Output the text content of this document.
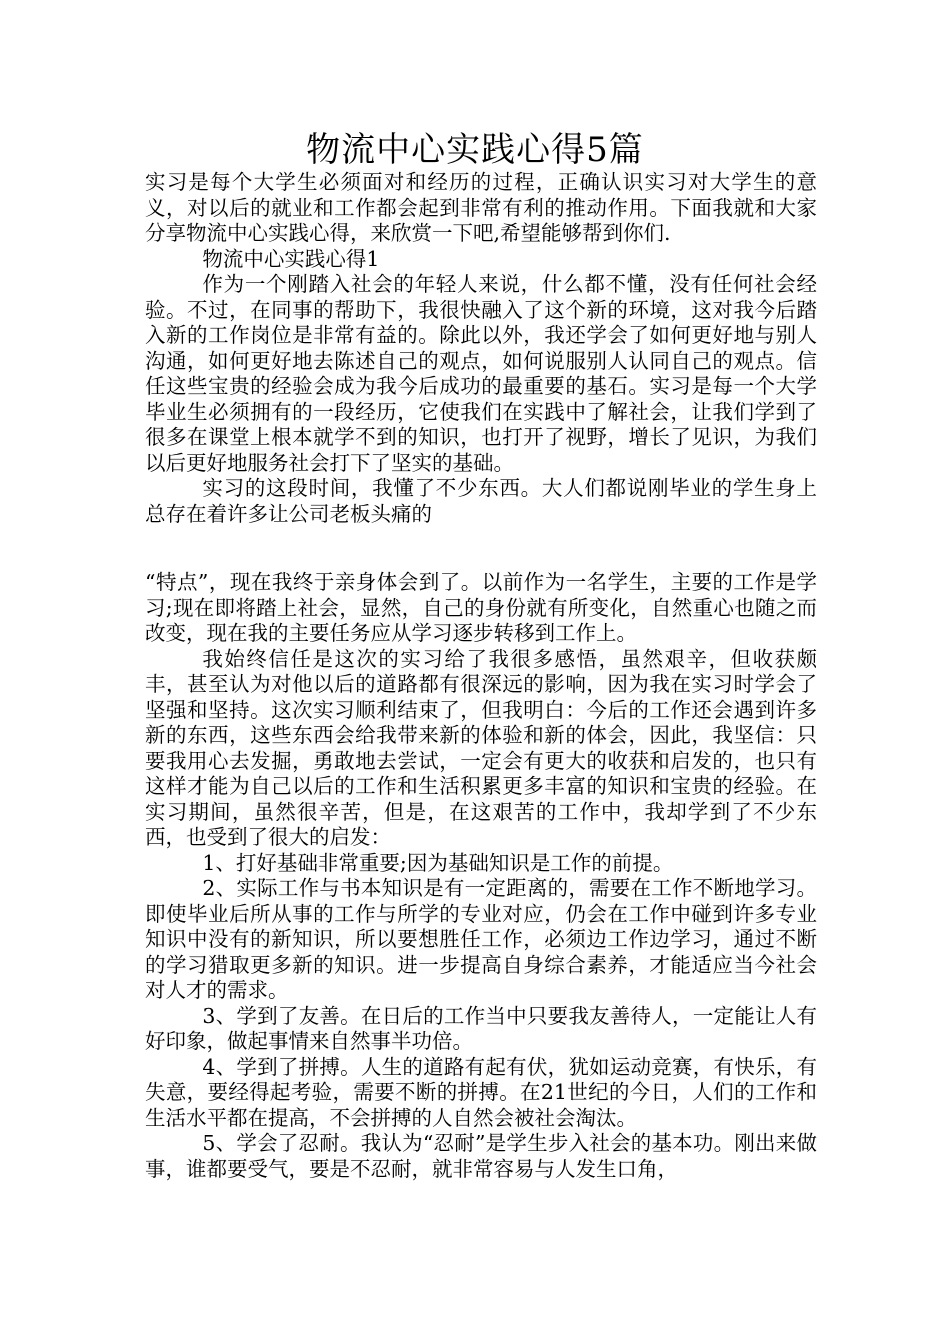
物流中心实践心得5篇

实习是每个大学生必须面对和经历的过程，正确认识实习对大学生的意义，对以后的就业和工作都会起到非常有利的推动作用。下面我就和大家分享物流中心实践心得，来欣赏一下吧,希望能够帮到你们.

物流中心实践心得1

作为一个刚踏入社会的年轻人来说，什么都不懂，没有任何社会经验。不过，在同事的帮助下，我很快融入了这个新的环境，这对我今后踏入新的工作岗位是非常有益的。除此以外，我还学会了如何更好地与别人沟通，如何更好地去陈述自己的观点，如何说服别人认同自己的观点。信任这些宝贵的经验会成为我今后成功的最重要的基石。实习是每一个大学毕业生必须拥有的一段经历，它使我们在实践中了解社会，让我们学到了很多在课堂上根本就学不到的知识，也打开了视野，增长了见识，为我们以后更好地服务社会打下了坚实的基础。

实习的这段时间，我懂了不少东西。大人们都说刚毕业的学生身上总存在着许多让公司老板头痛的

“特点”，现在我终于亲身体会到了。以前作为一名学生，主要的工作是学习;现在即将踏上社会，显然，自己的身份就有所变化，自然重心也随之而改变，现在我的主要任务应从学习逐步转移到工作上。

我始终信任是这次的实习给了我很多感悟，虽然艰辛，但收获颇丰，甚至认为对他以后的道路都有很深远的影响，因为我在实习时学会了坚强和坚持。这次实习顺利结束了，但我明白：今后的工作还会遇到许多新的东西，这些东西会给我带来新的体验和新的体会，因此，我坚信：只要我用心去发掘，勇敢地去尝试，一定会有更大的收获和启发的，也只有这样才能为自己以后的工作和生活积累更多丰富的知识和宝贵的经验。在实习期间，虽然很辛苦，但是，在这艰苦的工作中，我却学到了不少东西，也受到了很大的启发：

1、打好基础非常重要;因为基础知识是工作的前提。

2、实际工作与书本知识是有一定距离的，需要在工作不断地学习。即使毕业后所从事的工作与所学的专业对应，仍会在工作中碰到许多专业知识中没有的新知识，所以要想胜任工作，必须边工作边学习，通过不断的学习猎取更多新的知识。进一步提高自身综合素养，才能适应当今社会对人才的需求。

3、学到了友善。在日后的工作当中只要我友善待人，一定能让人有好印象，做起事情来自然事半功倍。

4、学到了拼搏。人生的道路有起有伏，犹如运动竞赛，有快乐，有失意，要经得起考验，需要不断的拼搏。在21世纪的今日，人们的工作和生活水平都在提高，不会拼搏的人自然会被社会淘汰。

5、学会了忍耐。我认为“忍耐”是学生步入社会的基本功。刚出来做事，谁都要受气，要是不忍耐，就非常容易与人发生口角，
